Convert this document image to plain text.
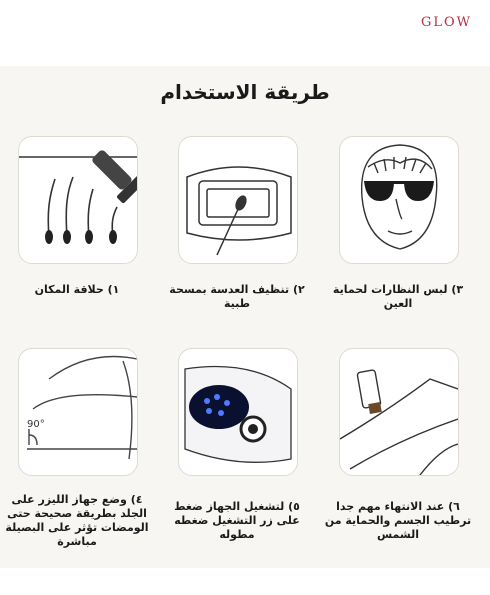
GLOW
طريقة الاستخدام
١) حلاقة المكان	٢) تنظيف العدسة بمسحة طبية
٣) لبس النظارات لحماية العين
90°
٤) وضع جهاز الليزر على الجلد بطريقة صحيحة حتى الومضات تؤثر على البصيلة مباشرة
٥) لتشغيل الجهاز ضغط على زر التشغيل ضغطه مطوله
٦) عند الانتهاء مهم جدا ترطيب الجسم والحماية من الشمس
